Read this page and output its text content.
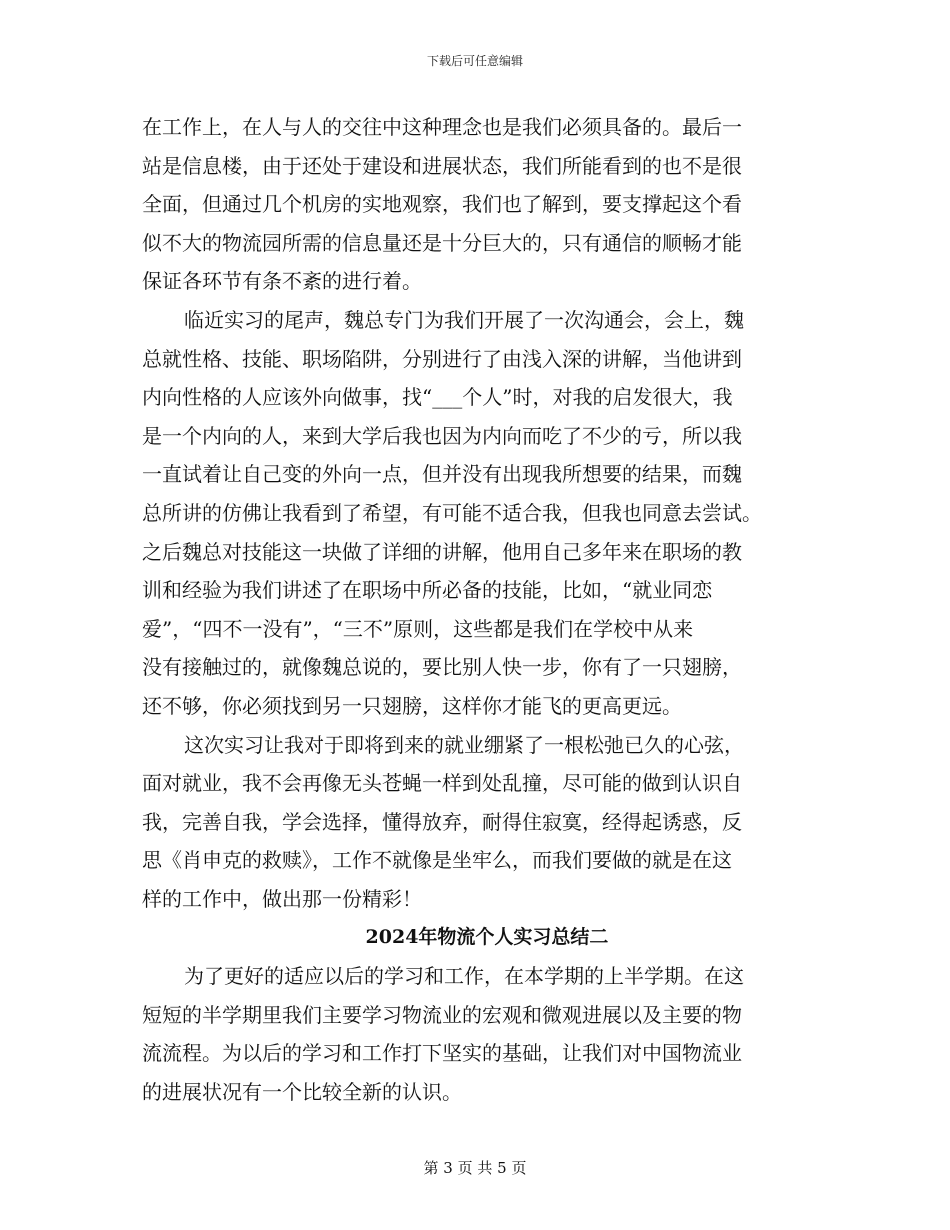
下载后可任意编辑
在工作上，在人与人的交往中这种理念也是我们必须具备的。最后一
站是信息楼，由于还处于建设和进展状态，我们所能看到的也不是很
全面，但通过几个机房的实地观察，我们也了解到，要支撑起这个看
似不大的物流园所需的信息量还是十分巨大的，只有通信的顺畅才能
保证各环节有条不紊的进行着。
临近实习的尾声，魏总专门为我们开展了一次沟通会，会上，魏
总就性格、技能、职场陷阱，分别进行了由浅入深的讲解，当他讲到
内向性格的人应该外向做事，找“___个人”时，对我的启发很大，我
是一个内向的人，来到大学后我也因为内向而吃了不少的亏，所以我
一直试着让自己变的外向一点，但并没有出现我所想要的结果，而魏
总所讲的仿佛让我看到了希望，有可能不适合我，但我也同意去尝试。
之后魏总对技能这一块做了详细的讲解，他用自己多年来在职场的教
训和经验为我们讲述了在职场中所必备的技能，比如，“就业同恋
爱”，“四不一没有”，“三不”原则，这些都是我们在学校中从来
没有接触过的，就像魏总说的，要比别人快一步，你有了一只翅膀，
还不够，你必须找到另一只翅膀，这样你才能飞的更高更远。
这次实习让我对于即将到来的就业绷紧了一根松弛已久的心弦，
面对就业，我不会再像无头苍蝇一样到处乱撞，尽可能的做到认识自
我，完善自我，学会选择，懂得放弃，耐得住寂寞，经得起诱惑，反
思《肖申克的救赎》，工作不就像是坐牢么，而我们要做的就是在这
样的工作中，做出那一份精彩！
2024年物流个人实习总结二
为了更好的适应以后的学习和工作，在本学期的上半学期。在这
短短的半学期里我们主要学习物流业的宏观和微观进展以及主要的物
流流程。为以后的学习和工作打下坚实的基础，让我们对中国物流业
的进展状况有一个比较全新的认识。
第 3 页 共 5 页
